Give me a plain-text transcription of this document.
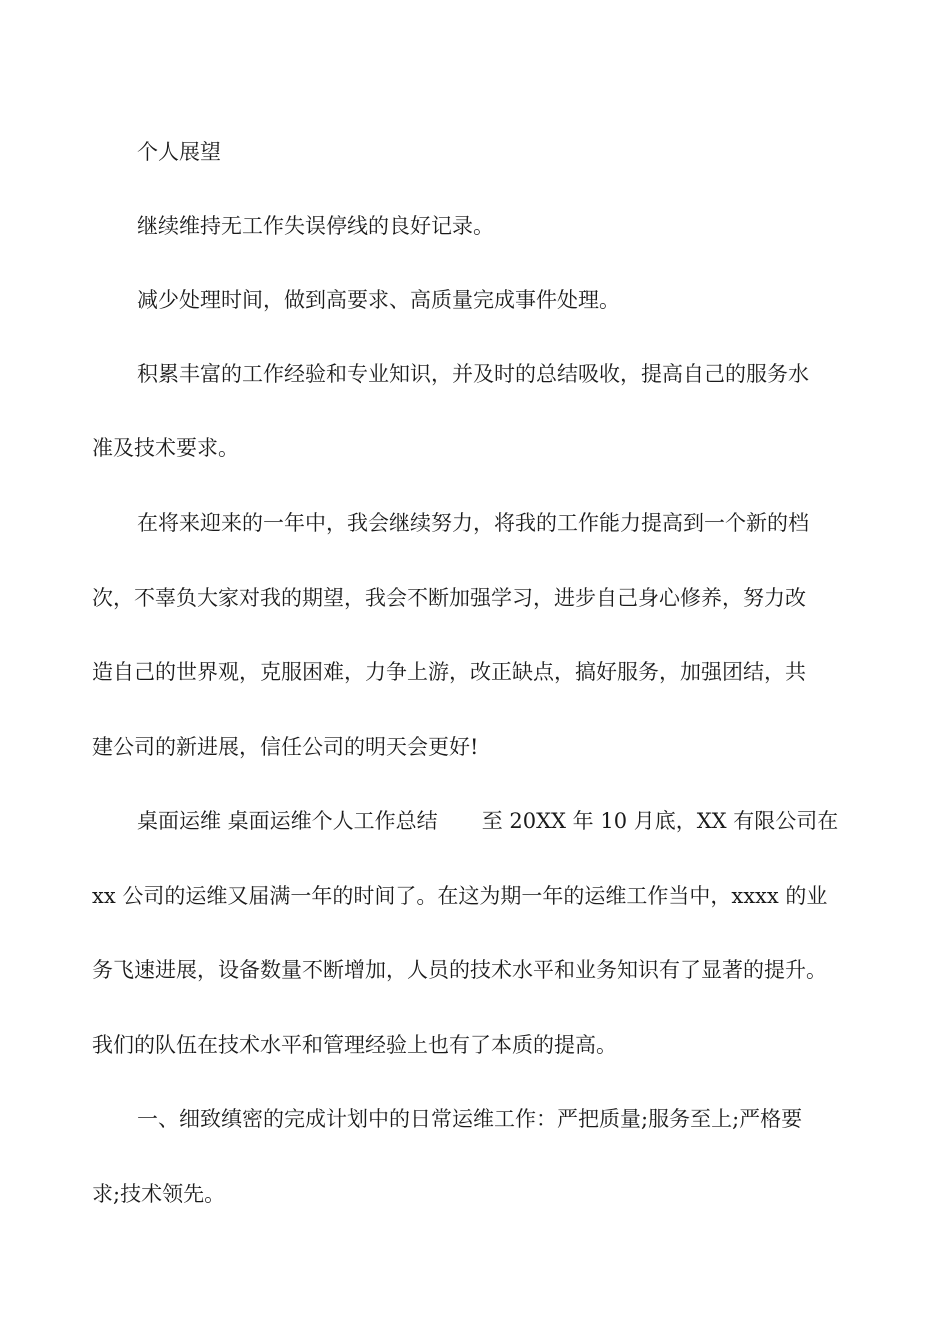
个人展望
继续维持无工作失误停线的良好记录。
减少处理时间，做到高要求、高质量完成事件处理。
积累丰富的工作经验和专业知识，并及时的总结吸收，提高自己的服务水
准及技术要求。
在将来迎来的一年中，我会继续努力，将我的工作能力提高到一个新的档
次，不辜负大家对我的期望，我会不断加强学习，进步自己身心修养，努力改
造自己的世界观，克服困难，力争上游，改正缺点，搞好服务，加强团结，共
建公司的新进展，信任公司的明天会更好!
桌面运维 桌面运维个人工作总结 至 20XX 年 10 月底，XX 有限公司在
xx 公司的运维又届满一年的时间了。在这为期一年的运维工作当中，xxxx 的业
务飞速进展，设备数量不断增加，人员的技术水平和业务知识有了显著的提升。
我们的队伍在技术水平和管理经验上也有了本质的提高。
一、细致缜密的完成计划中的日常运维工作：严把质量;服务至上;严格要
求;技术领先。
